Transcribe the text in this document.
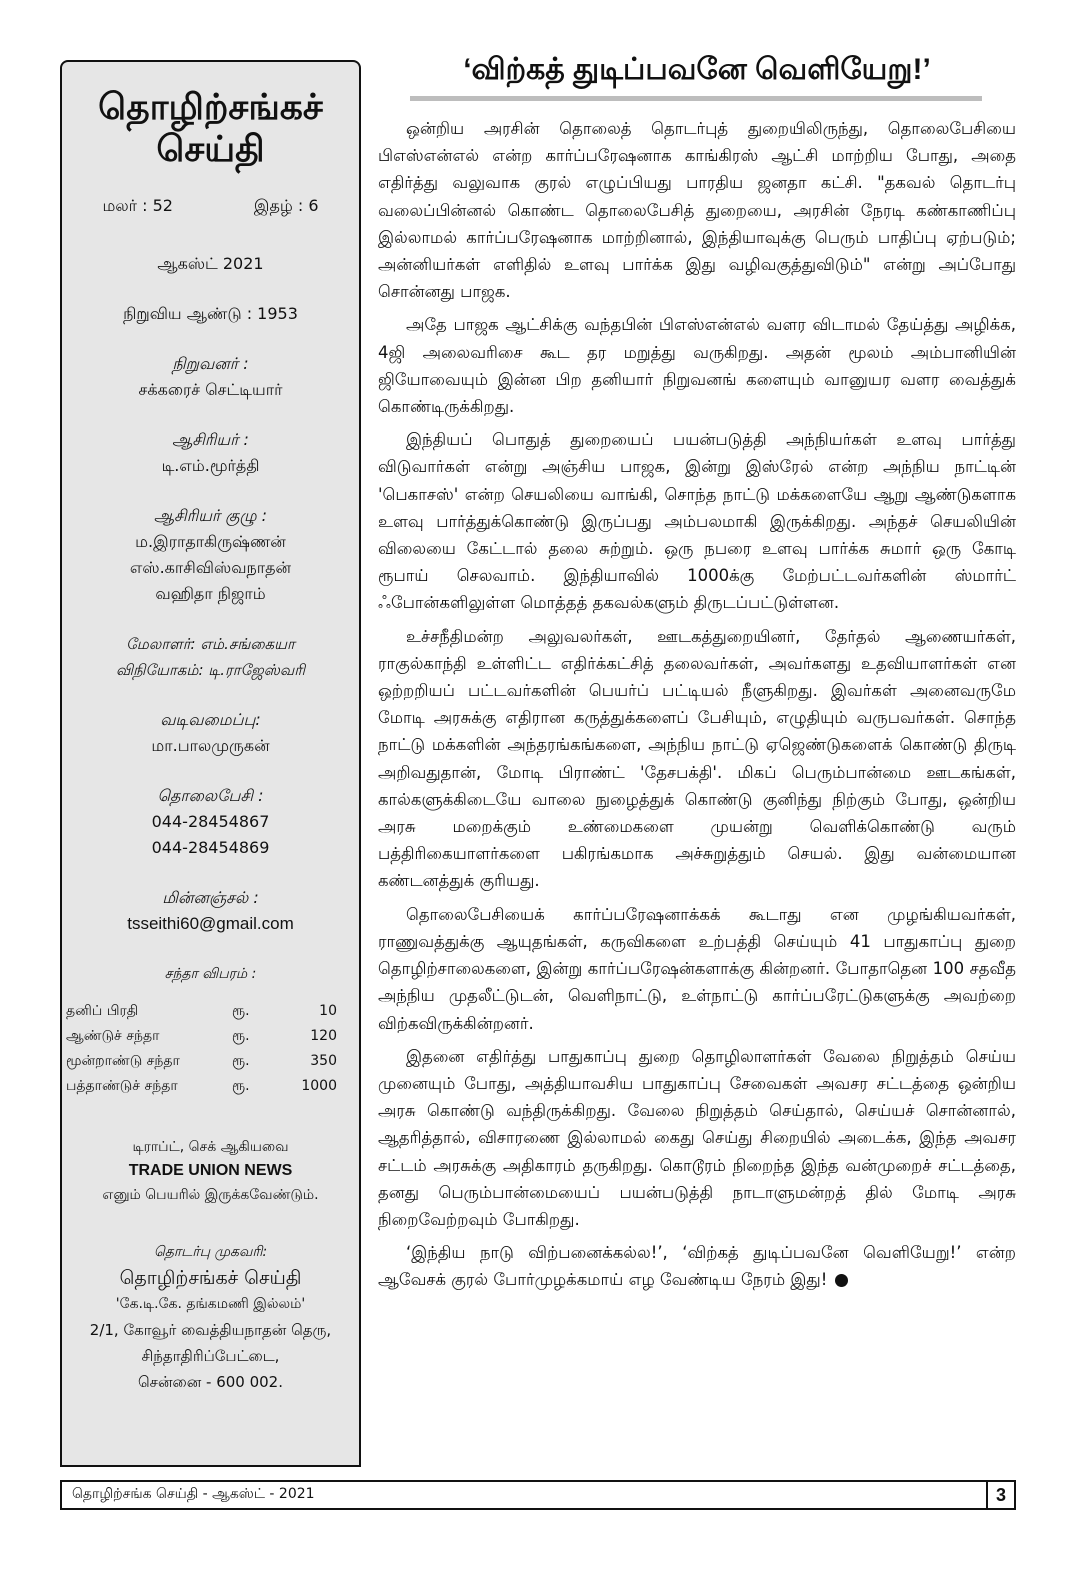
தொழிற்சங்கச்
செய்தி
மலர் : 52	இதழ் : 6
ஆகஸ்ட் 2021
நிறுவிய ஆண்டு : 1953
நிறுவனர் :
சக்கரைச் செட்டியார்
ஆசிரியர் :
டி.எம்.மூர்த்தி
ஆசிரியர் குழு :
ம.இராதாகிருஷ்ணன்
எஸ்.காசிவிஸ்வநாதன்
வஹிதா நிஜாம்
மேலாளர்: எம்.சங்கையா
விநியோகம்: டி.ராஜேஸ்வரி
வடிவமைப்பு:
மா.பாலமுருகன்
தொலைபேசி :
044-28454867
044-28454869
மின்னஞ்சல் :
tsseithi60@gmail.com
சந்தா விபரம் :
தனிப் பிரதி	ரூ.	10
ஆண்டுச் சந்தா	ரூ.	120
மூன்றாண்டு சந்தா	ரூ.	350
பத்தாண்டுச் சந்தா	ரூ.	1000
டிராப்ட், செக் ஆகியவை
TRADE UNION NEWS
எனும் பெயரில் இருக்கவேண்டும்.
தொடர்பு முகவரி:
தொழிற்சங்கச் செய்தி
'கே.டி.கே. தங்கமணி இல்லம்'
2/1, கோவூர் வைத்தியநாதன் தெரு,
சிந்தாதிரிப்பேட்டை,
சென்னை - 600 002.
‘விற்கத் துடிப்பவனே வெளியேறு!’

ஒன்றிய அரசின் தொலைத் தொடர்புத் துறையிலிருந்து, தொலைபேசியை பிஎஸ்என்எல் என்ற கார்ப்பரேஷனாக காங்கிரஸ் ஆட்சி மாற்றிய போது, அதை எதிர்த்து வலுவாக குரல் எழுப்பியது பாரதிய ஜனதா கட்சி. "தகவல் தொடர்பு வலைப்பின்னல் கொண்ட தொலைபேசித் துறையை, அரசின் நேரடி கண்காணிப்பு இல்லாமல் கார்ப்பரேஷனாக மாற்றினால், இந்தியாவுக்கு பெரும் பாதிப்பு ஏற்படும்; அன்னியர்கள் எளிதில் உளவு பார்க்க இது வழிவகுத்துவிடும்" என்று அப்போது சொன்னது பாஜக.

அதே பாஜக ஆட்சிக்கு வந்தபின் பிஎஸ்என்எல் வளர விடாமல் தேய்த்து அழிக்க, 4ஜி அலைவரிசை கூட தர மறுத்து வருகிறது. அதன் மூலம் அம்பானியின் ஜியோவையும் இன்ன பிற தனியார் நிறுவனங் களையும் வானுயர வளர வைத்துக் கொண்டிருக்கிறது.

இந்தியப் பொதுத் துறையைப் பயன்படுத்தி அந்நியர்கள் உளவு பார்த்து விடுவார்கள் என்று அஞ்சிய பாஜக, இன்று இஸ்ரேல் என்ற அந்நிய நாட்டின் 'பெகாசஸ்' என்ற செயலியை வாங்கி, சொந்த நாட்டு மக்களையே ஆறு ஆண்டுகளாக உளவு பார்த்துக்கொண்டு இருப்பது அம்பலமாகி இருக்கிறது. அந்தச் செயலியின் விலையை கேட்டால் தலை சுற்றும். ஒரு நபரை உளவு பார்க்க சுமார் ஒரு கோடி ரூபாய் செலவாம். இந்தியாவில் 1000க்கு மேற்பட்டவர்களின் ஸ்மார்ட் ஃபோன்களிலுள்ள மொத்தத் தகவல்களும் திருடப்பட்டுள்ளன.

உச்சநீதிமன்ற அலுவலர்கள், ஊடகத்துறையினர், தேர்தல் ஆணையர்கள், ராகுல்காந்தி உள்ளிட்ட எதிர்க்கட்சித் தலைவர்கள், அவர்களது உதவியாளர்கள் என ஒற்றறியப் பட்டவர்களின் பெயர்ப் பட்டியல் நீளுகிறது. இவர்கள் அனைவருமே மோடி அரசுக்கு எதிரான கருத்துக்களைப் பேசியும், எழுதியும் வருபவர்கள். சொந்த நாட்டு மக்களின் அந்தரங்கங்களை, அந்நிய நாட்டு ஏஜெண்டுகளைக் கொண்டு திருடி அறிவதுதான், மோடி பிராண்ட் 'தேசபக்தி'. மிகப் பெரும்பான்மை ஊடகங்கள், கால்களுக்கிடையே வாலை நுழைத்துக் கொண்டு குனிந்து நிற்கும் போது, ஒன்றிய அரசு மறைக்கும் உண்மைகளை முயன்று வெளிக்கொண்டு வரும் பத்திரிகையாளர்களை பகிரங்கமாக அச்சுறுத்தும் செயல். இது வன்மையான கண்டனத்துக் குரியது.

தொலைபேசியைக் கார்ப்பரேஷனாக்கக் கூடாது என முழங்கியவர்கள், ராணுவத்துக்கு ஆயுதங்கள், கருவிகளை உற்பத்தி செய்யும் 41 பாதுகாப்பு துறை தொழிற்சாலைகளை, இன்று கார்ப்பரேஷன்களாக்கு கின்றனர். போதாதென 100 சதவீத அந்நிய முதலீட்டுடன், வெளிநாட்டு, உள்நாட்டு கார்ப்பரேட்டுகளுக்கு அவற்றை விற்கவிருக்கின்றனர்.

இதனை எதிர்த்து பாதுகாப்பு துறை தொழிலாளர்கள் வேலை நிறுத்தம் செய்ய முனையும் போது, அத்தியாவசிய பாதுகாப்பு சேவைகள் அவசர சட்டத்தை ஒன்றிய அரசு கொண்டு வந்திருக்கிறது. வேலை நிறுத்தம் செய்தால், செய்யச் சொன்னால், ஆதரித்தால், விசாரணை இல்லாமல் கைது செய்து சிறையில் அடைக்க, இந்த அவசர சட்டம் அரசுக்கு அதிகாரம் தருகிறது. கொடூரம் நிறைந்த இந்த வன்முறைச் சட்டத்தை, தனது பெரும்பான்மையைப் பயன்படுத்தி நாடாளுமன்றத் தில் மோடி அரசு நிறைவேற்றவும் போகிறது.

‘இந்திய நாடு விற்பனைக்கல்ல!’, ‘விற்கத் துடிப்பவனே வெளியேறு!’ என்ற ஆவேசக் குரல் போர்முழக்கமாய் எழ வேண்டிய நேரம் இது!

தொழிற்சங்க செய்தி - ஆகஸ்ட் - 2021	3
